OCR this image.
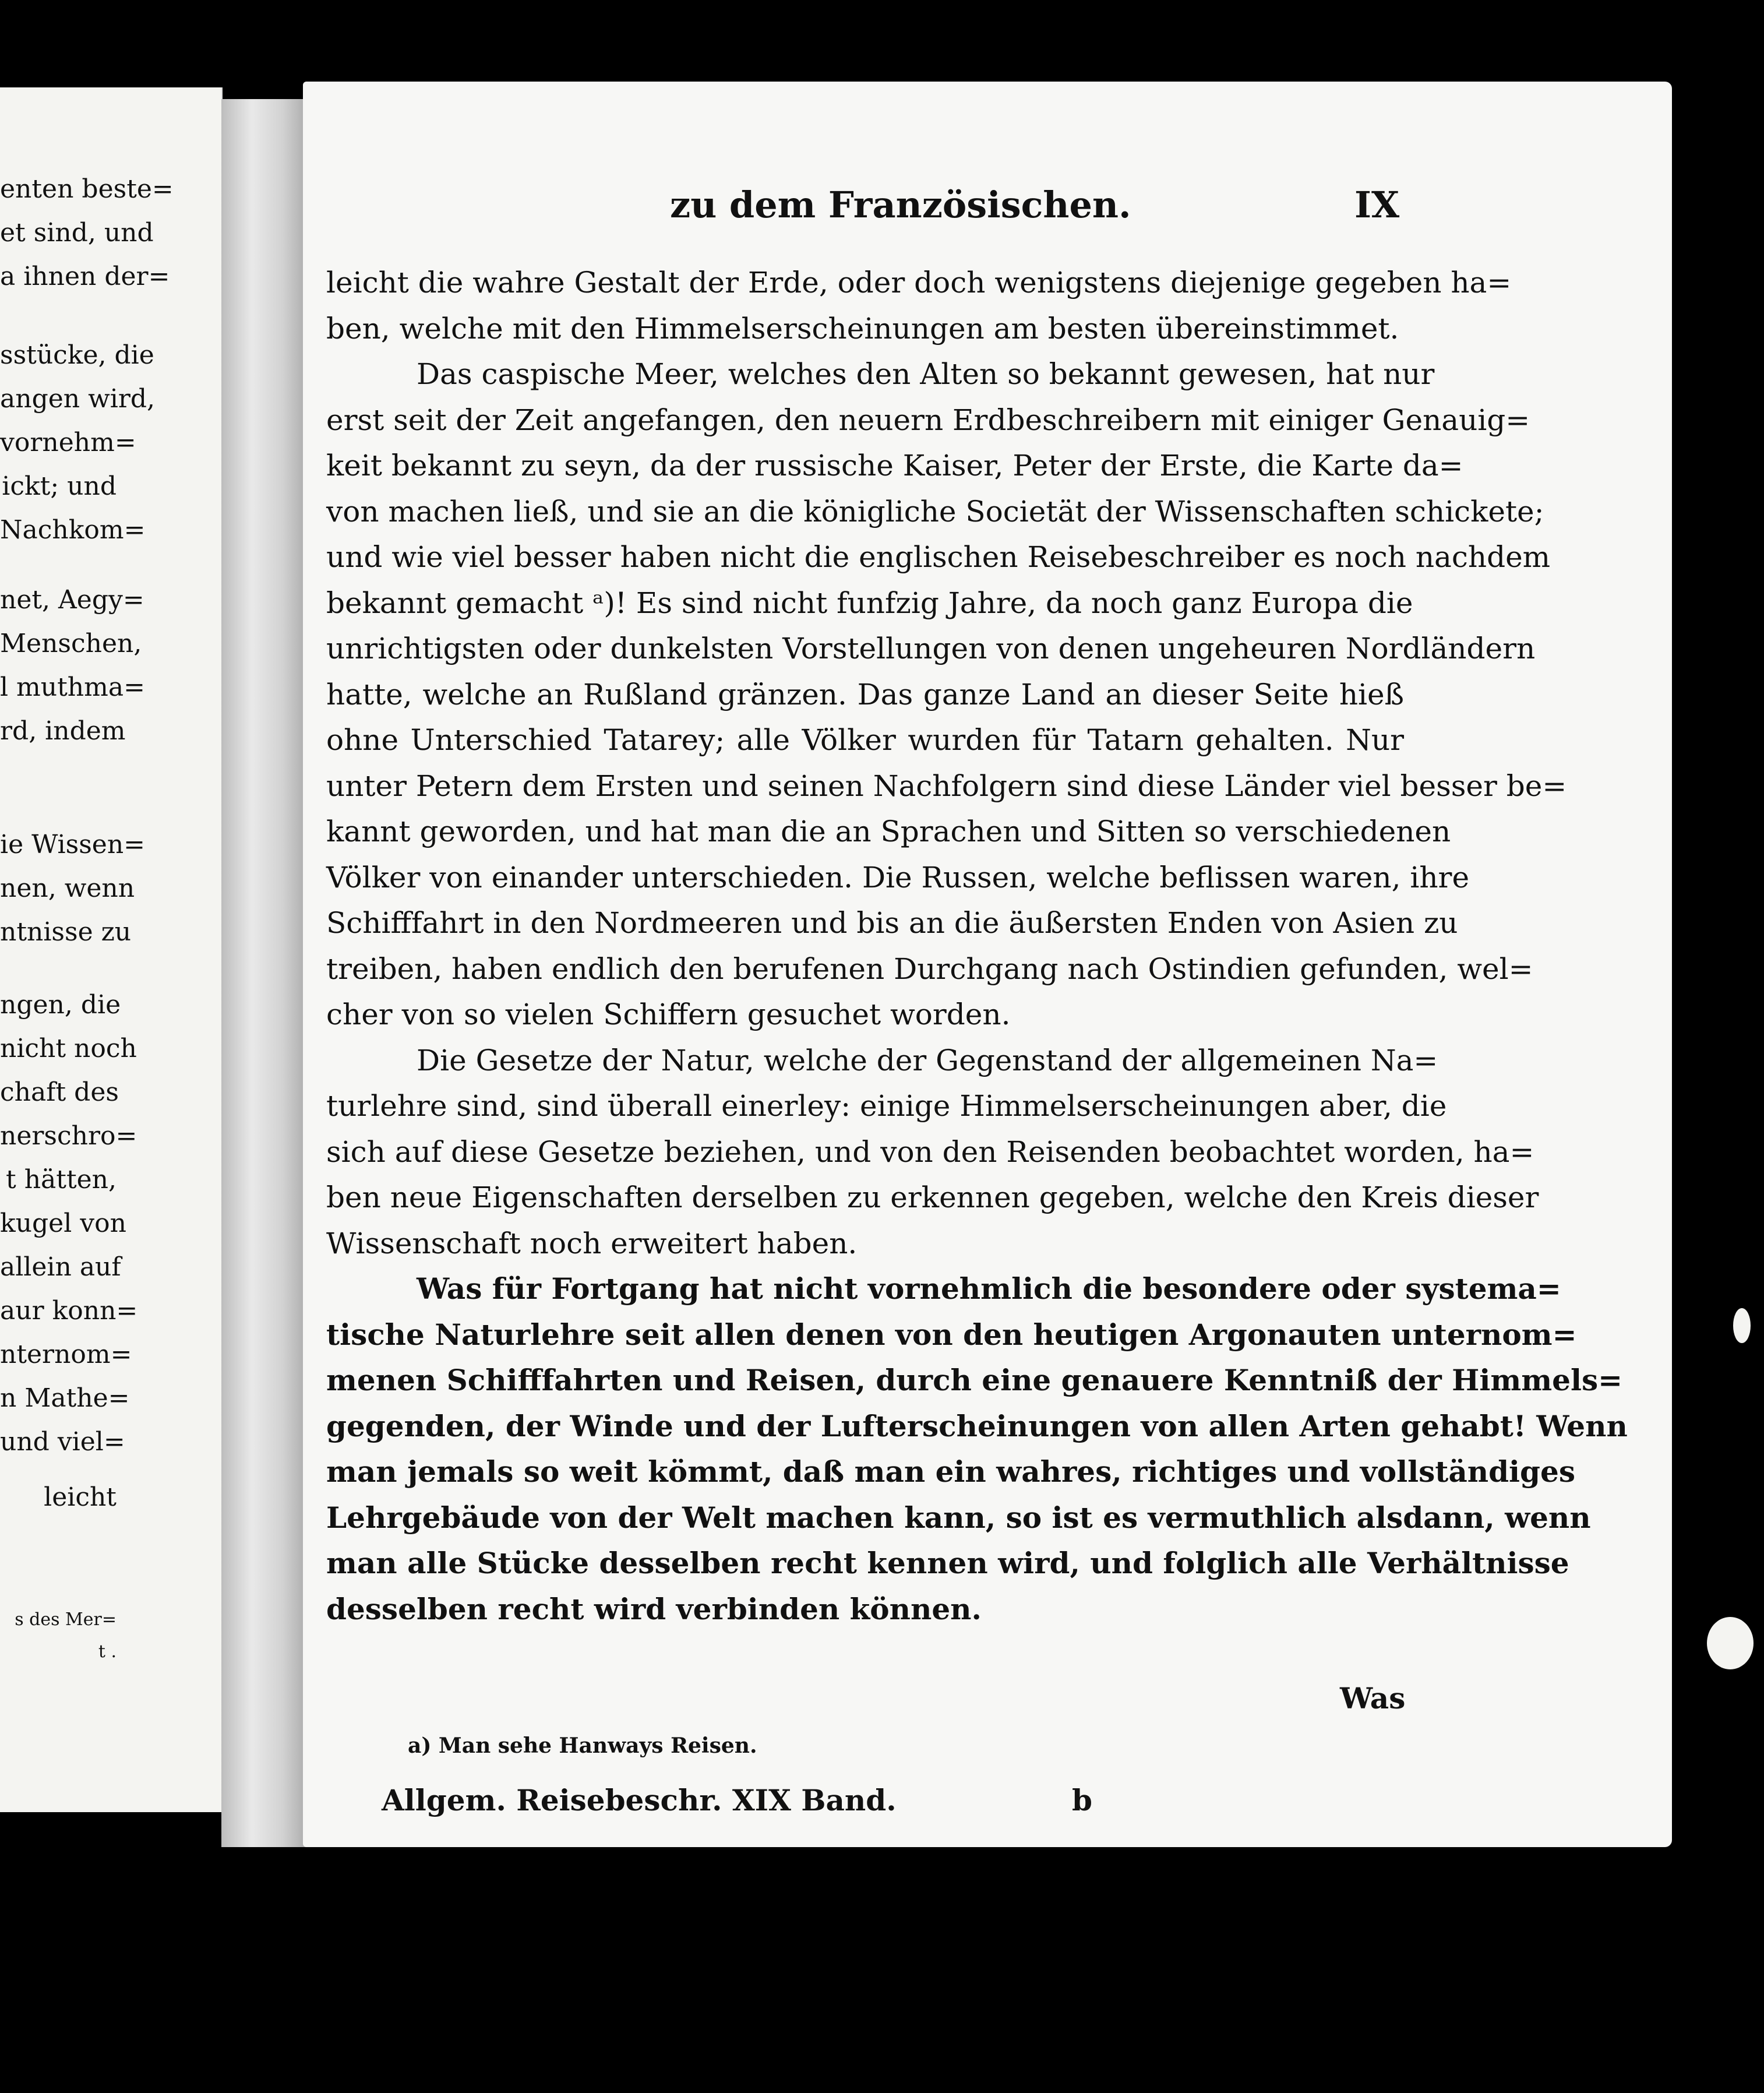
enten beste=
et sind, und
a ihnen der=
sstücke, die
angen wird,
vornehm=
ickt; und
Nachkom=
net, Aegy=
Menschen,
l muthma=
rd, indem
ie Wissen=
nen, wenn
ntnisse zu
ngen, die
nicht noch
chaft des
nerschro=
t hätten,
kugel von
allein auf
aur konn=
nternom=
n Mathe=
und viel=
leicht
s des Mer=
t .
zu dem Französischen.	IX
Was
a) Man sehe Hanways Reisen.
Allgem. Reisebeschr. XIX Band.	b
leicht die wahre Gestalt der Erde, oder doch wenigstens diejenige gegeben ha=
ben, welche mit den Himmelserscheinungen am besten übereinstimmet.
Das caspische Meer, welches den Alten so bekannt gewesen, hat nur
erst seit der Zeit angefangen, den neuern Erdbeschreibern mit einiger Genauig=
keit bekannt zu seyn, da der russische Kaiser, Peter der Erste, die Karte da=
von machen ließ, und sie an die königliche Societät der Wissenschaften schickete;
und wie viel besser haben nicht die englischen Reisebeschreiber es noch nachdem
bekannt gemacht ᵃ)! Es sind nicht funfzig Jahre, da noch ganz Europa die
unrichtigsten oder dunkelsten Vorstellungen von denen ungeheuren Nordländern
hatte, welche an Rußland gränzen. Das ganze Land an dieser Seite hieß
ohne Unterschied Tatarey; alle Völker wurden für Tatarn gehalten. Nur
unter Petern dem Ersten und seinen Nachfolgern sind diese Länder viel besser be=
kannt geworden, und hat man die an Sprachen und Sitten so verschiedenen
Völker von einander unterschieden. Die Russen, welche beflissen waren, ihre
Schifffahrt in den Nordmeeren und bis an die äußersten Enden von Asien zu
treiben, haben endlich den berufenen Durchgang nach Ostindien gefunden, wel=
cher von so vielen Schiffern gesuchet worden.
Die Gesetze der Natur, welche der Gegenstand der allgemeinen Na=
turlehre sind, sind überall einerley: einige Himmelserscheinungen aber, die
sich auf diese Gesetze beziehen, und von den Reisenden beobachtet worden, ha=
ben neue Eigenschaften derselben zu erkennen gegeben, welche den Kreis dieser
Wissenschaft noch erweitert haben.
Was für Fortgang hat nicht vornehmlich die besondere oder systema=
tische Naturlehre seit allen denen von den heutigen Argonauten unternom=
menen Schifffahrten und Reisen, durch eine genauere Kenntniß der Himmels=
gegenden, der Winde und der Lufterscheinungen von allen Arten gehabt! Wenn
man jemals so weit kömmt, daß man ein wahres, richtiges und vollständiges
Lehrgebäude von der Welt machen kann, so ist es vermuthlich alsdann, wenn
man alle Stücke desselben recht kennen wird, und folglich alle Verhältnisse
desselben recht wird verbinden können.
